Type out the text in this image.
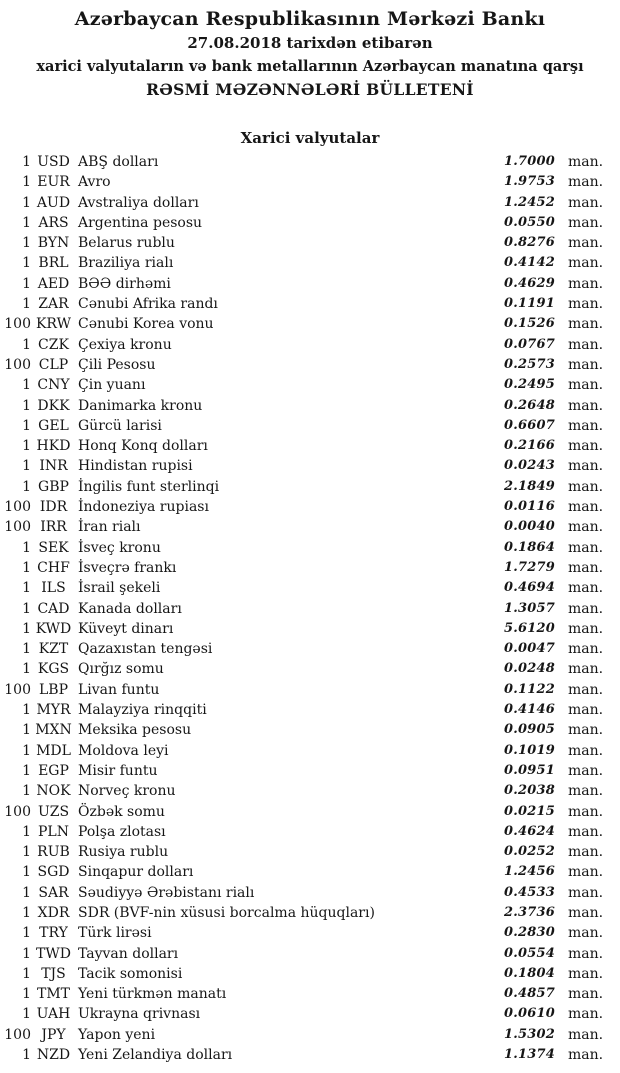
Azərbaycan Respublikasının Mərkəzi Bankı
27.08.2018 tarixdən etibarən
xarici valyutaların və bank metallarının Azərbaycan manatına qarşı
RƏSMİ MƏZƏNNƏLƏRİ BÜLLETENİ
Xarici valyutalar
1 USD ABŞ dolları	1.7000 man.
1 EUR Avro	1.9753 man.
1 AUD Avstraliya dolları	1.2452 man.
1 ARS Argentina pesosu	0.0550 man.
1 BYN Belarus rublu	0.8276 man.
1 BRL Braziliya rialı	0.4142 man.
1 AED BƏƏ dirhəmi	0.4629 man.
1 ZAR Cənubi Afrika randı	0.1191 man.
100 KRW Cənubi Korea vonu	0.1526 man.
1 CZK Çexiya kronu	0.0767 man.
100 CLP Çili Pesosu	0.2573 man.
1 CNY Çin yuanı	0.2495 man.
1 DKK Danimarka kronu	0.2648 man.
1 GEL Gürcü larisi	0.6607 man.
1 HKD Honq Konq dolları	0.2166 man.
1 INR Hindistan rupisi	0.0243 man.
1 GBP İngilis funt sterlinqi	2.1849 man.
100 IDR İndoneziya rupiası	0.0116 man.
100 IRR İran rialı	0.0040 man.
1 SEK İsveç kronu	0.1864 man.
1 CHF İsveçrə frankı	1.7279 man.
1 ILS İsrail şekeli	0.4694 man.
1 CAD Kanada dolları	1.3057 man.
1 KWD Küveyt dinarı	5.6120 man.
1 KZT Qazaxıstan tengəsi	0.0047 man.
1 KGS Qırğız somu	0.0248 man.
100 LBP Livan funtu	0.1122 man.
1 MYR Malayziya rinqqiti	0.4146 man.
1 MXN Meksika pesosu	0.0905 man.
1 MDL Moldova leyi	0.1019 man.
1 EGP Misir funtu	0.0951 man.
1 NOK Norveç kronu	0.2038 man.
100 UZS Özbək somu	0.0215 man.
1 PLN Polşa zlotası	0.4624 man.
1 RUB Rusiya rublu	0.0252 man.
1 SGD Sinqapur dolları	1.2456 man.
1 SAR Səudiyyə Ərəbistanı rialı	0.4533 man.
1 XDR SDR (BVF-nin xüsusi borcalma hüquqları)	2.3736 man.
1 TRY Türk lirəsi	0.2830 man.
1 TWD Tayvan dolları	0.0554 man.
1 TJS Tacik somonisi	0.1804 man.
1 TMT Yeni türkmən manatı	0.4857 man.
1 UAH Ukrayna qrivnası	0.0610 man.
100 JPY Yapon yeni	1.5302 man.
1 NZD Yeni Zelandiya dolları	1.1374 man.
